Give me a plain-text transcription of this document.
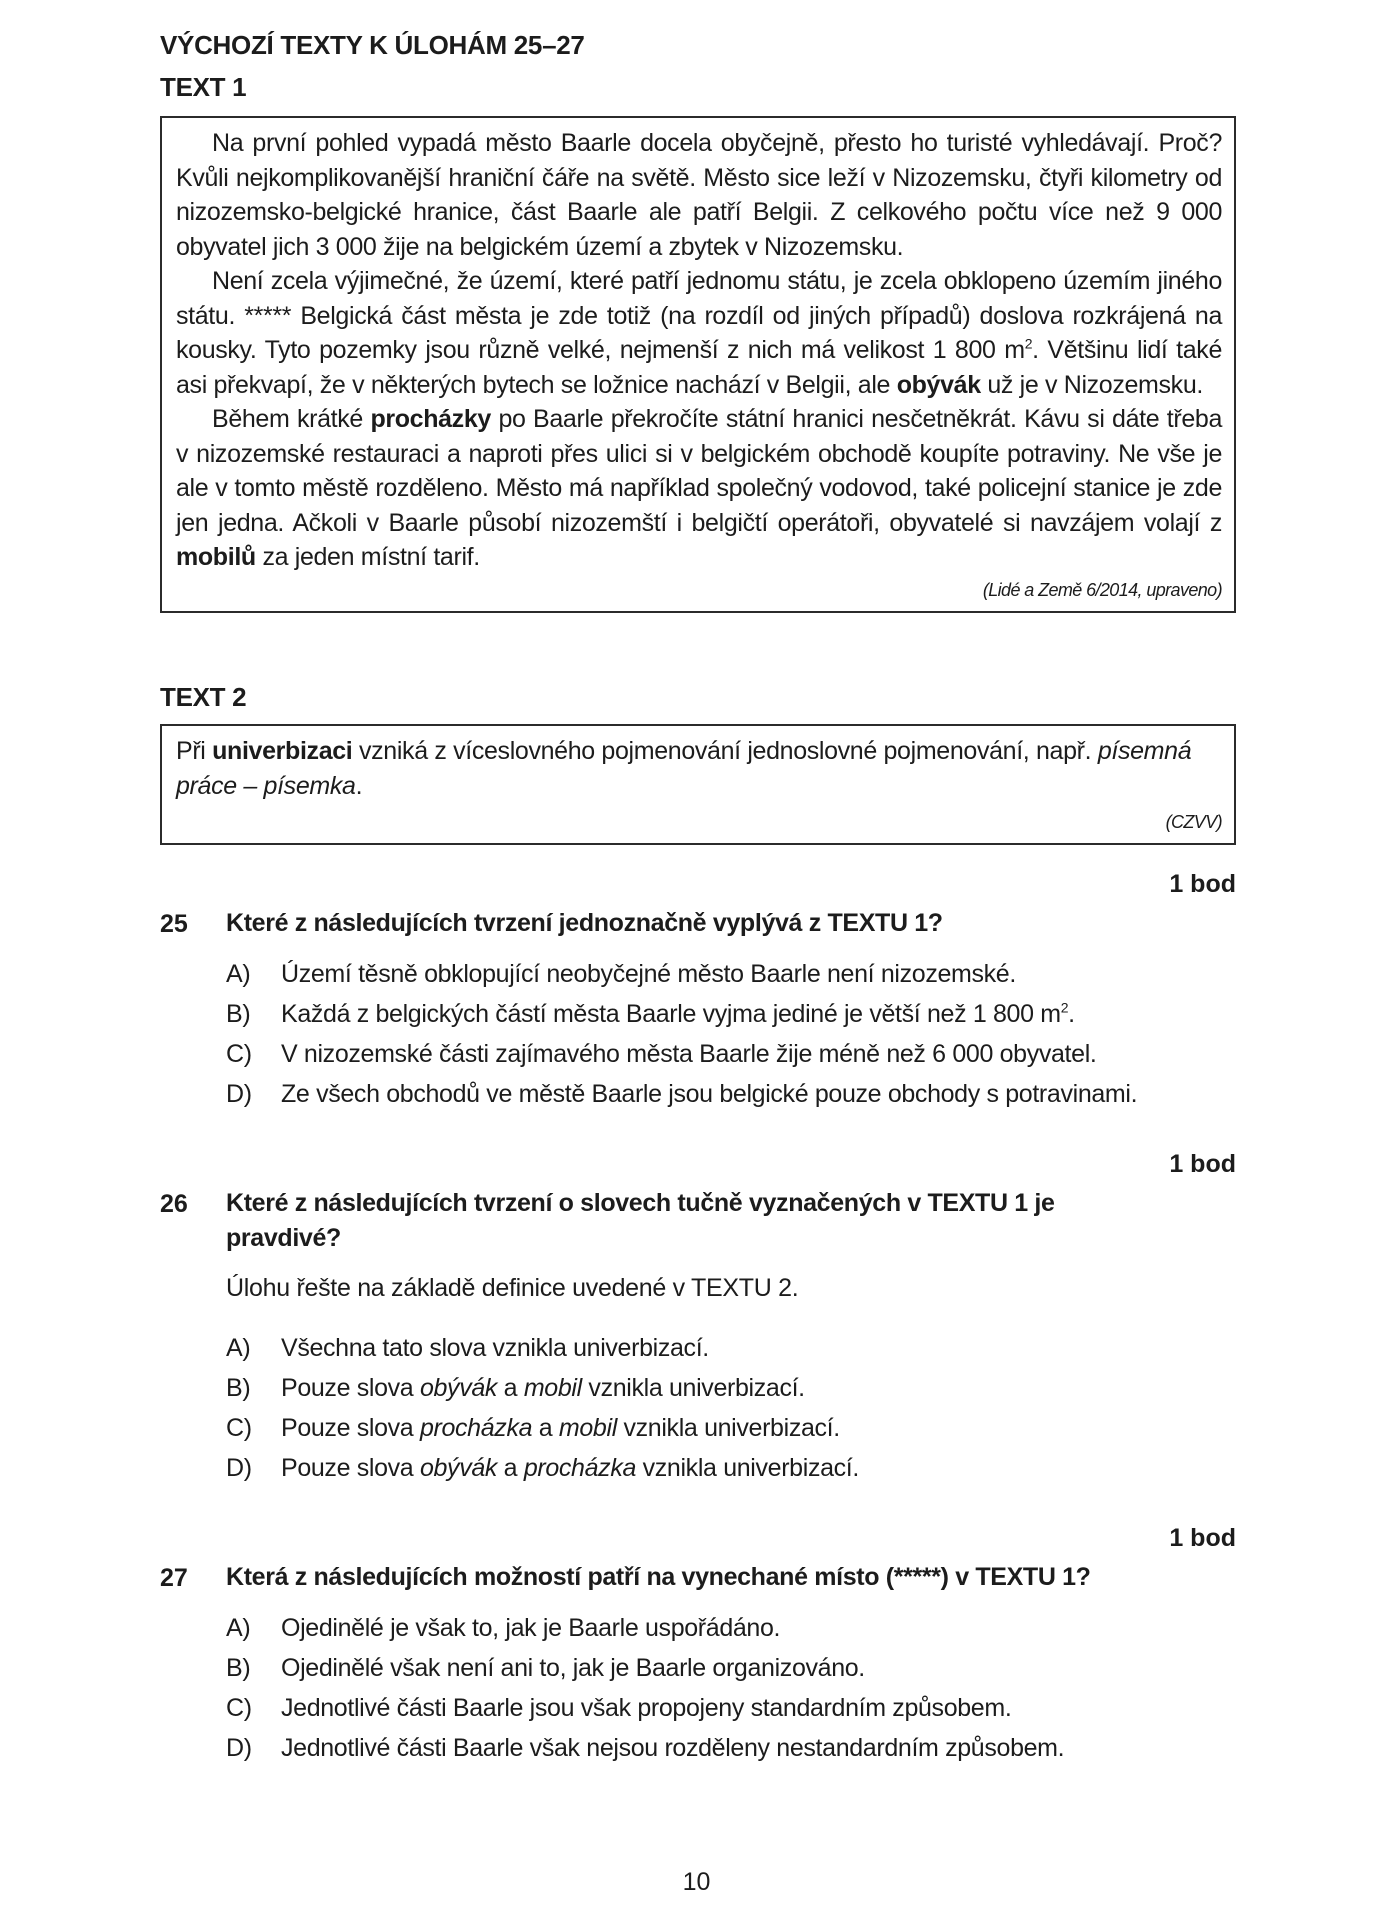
VÝCHOZÍ TEXTY K ÚLOHÁM 25–27
TEXT 1

Na první pohled vypadá město Baarle docela obyčejně, přesto ho turisté vyhledávají. Proč? Kvůli nejkomplikovanější hraniční čáře na světě. Město sice leží v Nizozemsku, čtyři kilometry od nizozemsko-belgické hranice, část Baarle ale patří Belgii. Z celkového počtu více než 9 000 obyvatel jich 3 000 žije na belgickém území a zbytek v Nizozemsku.

Není zcela výjimečné, že území, které patří jednomu státu, je zcela obklopeno územím jiného státu. ***** Belgická část města je zde totiž (na rozdíl od jiných případů) doslova rozkrájená na kousky. Tyto pozemky jsou různě velké, nejmenší z nich má velikost 1 800 $m^2$. Většinu lidí také asi překvapí, že v některých bytech se ložnice nachází v Belgii, ale obývák už je v Nizozemsku.

Během krátké procházky po Baarle překročíte státní hranici nesčetněkrát. Kávu si dáte třeba v nizozemské restauraci a naproti přes ulici si v belgickém obchodě koupíte potraviny. Ne vše je ale v tomto městě rozděleno. Město má například společný vodovod, také policejní stanice je zde jen jedna. Ačkoli v Baarle působí nizozemští i belgičtí operátoři, obyvatelé si navzájem volají z mobilů za jeden místní tarif.

(Lidé a Země 6/2014, upraveno)
TEXT 2

Při univerbizaci vzniká z víceslovného pojmenování jednoslovné pojmenování, např. písemná práce – písemka.

(CZVV)
1 bod
25 Které z následujících tvrzení jednoznačně vyplývá z TEXTU 1?
A) Území těsně obklopující neobyčejné město Baarle není nizozemské.
B) Každá z belgických částí města Baarle vyjma jediné je větší než 1 800 $m^2$.
C) V nizozemské části zajímavého města Baarle žije méně než 6 000 obyvatel.
D) Ze všech obchodů ve městě Baarle jsou belgické pouze obchody s potravinami.
1 bod
26 Které z následujících tvrzení o slovech tučně vyznačených v TEXTU 1 je pravdivé?
Úlohu řešte na základě definice uvedené v TEXTU 2.
A) Všechna tato slova vznikla univerbizací.
B) Pouze slova obývák a mobil vznikla univerbizací.
C) Pouze slova procházka a mobil vznikla univerbizací.
D) Pouze slova obývák a procházka vznikla univerbizací.
1 bod
27 Která z následujících možností patří na vynechané místo (*****) v TEXTU 1?
A) Ojedinělé je však to, jak je Baarle uspořádáno.
B) Ojedinělé však není ani to, jak je Baarle organizováno.
C) Jednotlivé části Baarle jsou však propojeny standardním způsobem.
D) Jednotlivé části Baarle však nejsou rozděleny nestandardním způsobem.
10
